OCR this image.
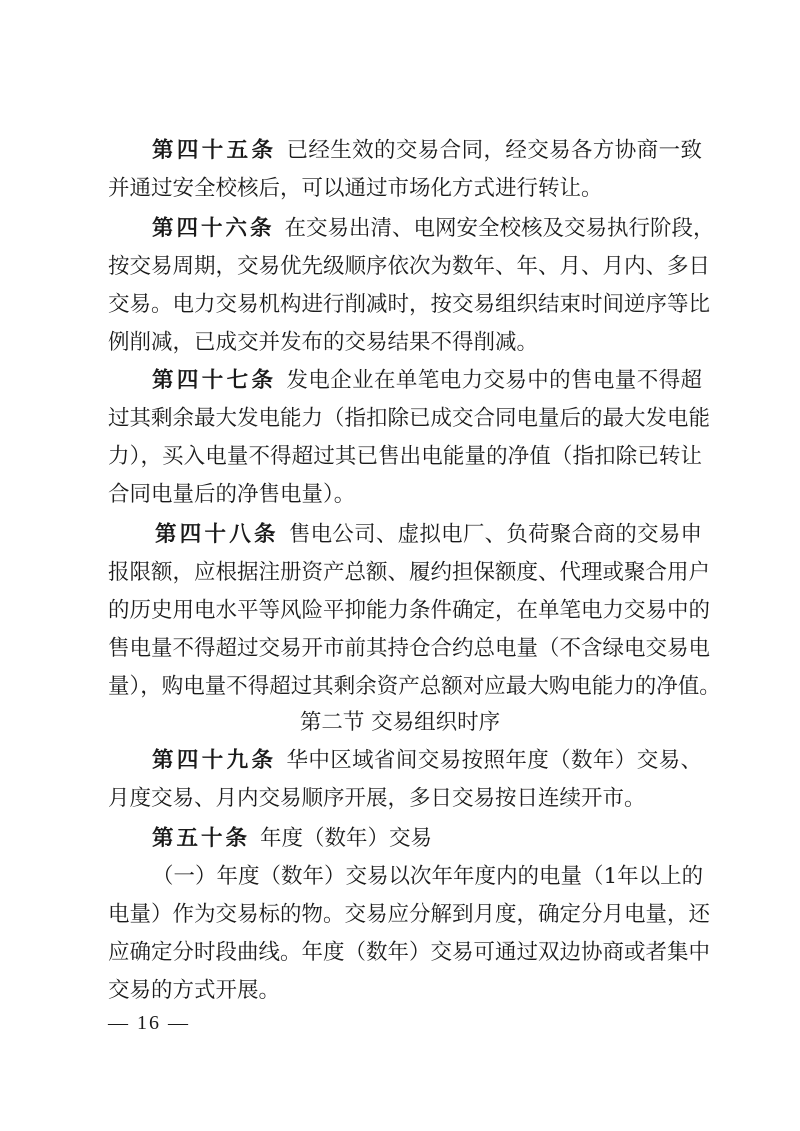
第四十五条 已经生效的交易合同，经交易各方协商一致
并通过安全校核后，可以通过市场化方式进行转让。
第四十六条 在交易出清、电网安全校核及交易执行阶段，
按交易周期，交易优先级顺序依次为数年、年、月、月内、多日
交易。电力交易机构进行削减时，按交易组织结束时间逆序等比
例削减，已成交并发布的交易结果不得削减。
第四十七条 发电企业在单笔电力交易中的售电量不得超
过其剩余最大发电能力（指扣除已成交合同电量后的最大发电能
力），买入电量不得超过其已售出电能量的净值（指扣除已转让
合同电量后的净售电量）。
第四十八条 售电公司、虚拟电厂、负荷聚合商的交易申
报限额，应根据注册资产总额、履约担保额度、代理或聚合用户
的历史用电水平等风险平抑能力条件确定，在单笔电力交易中的
售电量不得超过交易开市前其持仓合约总电量（不含绿电交易电
量），购电量不得超过其剩余资产总额对应最大购电能力的净值。
第二节 交易组织时序
第四十九条 华中区域省间交易按照年度（数年）交易、
月度交易、月内交易顺序开展，多日交易按日连续开市。
第五十条 年度（数年）交易
（一）年度（数年）交易以次年年度内的电量（1年以上的
电量）作为交易标的物。交易应分解到月度，确定分月电量，还
应确定分时段曲线。年度（数年）交易可通过双边协商或者集中
交易的方式开展。
— 16 —
